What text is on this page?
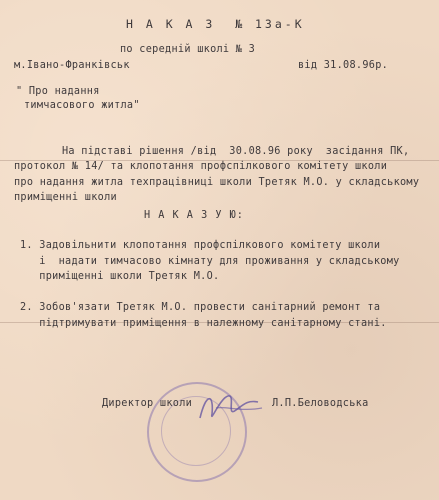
Н А К А З  № 13а-К
по середній школі № 3
м.Івано-Франківськ	від 31.08.96р.
" Про надання
тимчасового житла"
На підставі рішення /від  30.08.96 року  засідання ПК,
протокол № 14/ та клопотання профспілкового комітету школи
про надання житла техпрацівниці школи Третяк М.О. у складському
приміщенні школи
Н А К А З У Ю:
1. Задовільнити клопотання профспілкового комітету школи
і  надати тимчасово кімнату для проживання у складському
приміщенні школи Третяк М.О.
2. Зобов'язати Третяк М.О. провести санітарний ремонт та
підтримувати приміщення в належному санітарному стані.
Директор школи	Л.П.Беловодська
